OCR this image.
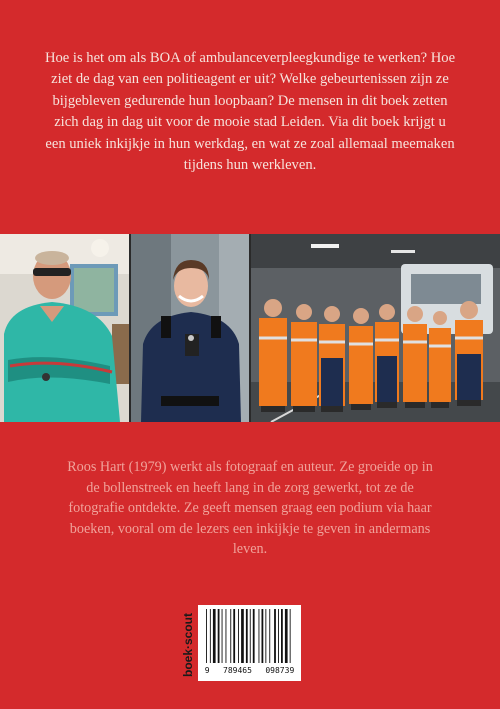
Hoe is het om als BOA of ambulanceverpleegkundige te werken? Hoe ziet de dag van een politieagent er uit? Welke gebeurtenissen zijn ze bijgebleven gedurende hun loopbaan? De mensen in dit boek zetten zich dag in dag uit voor de mooie stad Leiden. Via dit boek krijgt u een uniek inkijkje in hun werkdag, en wat ze zoal allemaal meemaken tijdens hun werkleven.

Roos Hart (1979) werkt als fotograaf en auteur. Ze groeide op in de bollenstreek en heeft lang in de zorg gewerkt, tot ze de fotografie ontdekte. Ze geeft mensen graag een podium via haar boeken, vooral om de lezers een inkijkje te geven in andermans leven.

boek·scout 9 789465 098739
